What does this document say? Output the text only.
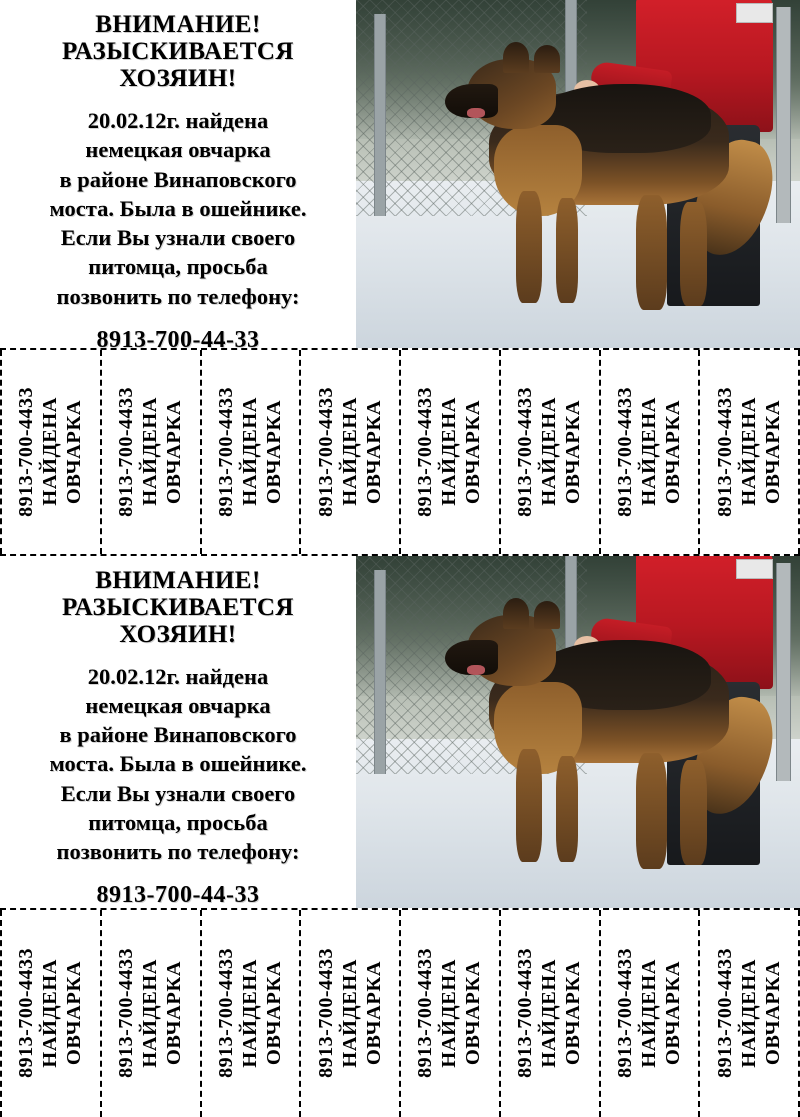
ВНИМАНИЕ!
РАЗЫСКИВАЕТСЯ
ХОЗЯИН!
20.02.12г. найдена
немецкая овчарка
в районе Винаповского
моста. Была в ошейнике.
Если Вы узнали своего
питомца, просьба
позвонить по телефону:
8913-700-44-33
8913-700-4433 НАЙДЕНА ОВЧАРКА 8913-700-4433 НАЙДЕНА ОВЧАРКА 8913-700-4433 НАЙДЕНА ОВЧАРКА 8913-700-4433 НАЙДЕНА ОВЧАРКА 8913-700-4433 НАЙДЕНА ОВЧАРКА 8913-700-4433 НАЙДЕНА ОВЧАРКА 8913-700-4433 НАЙДЕНА ОВЧАРКА 8913-700-4433 НАЙДЕНА ОВЧАРКА
ВНИМАНИЕ!
РАЗЫСКИВАЕТСЯ
ХОЗЯИН!
20.02.12г. найдена
немецкая овчарка
в районе Винаповского
моста. Была в ошейнике.
Если Вы узнали своего
питомца, просьба
позвонить по телефону:
8913-700-44-33
8913-700-4433 НАЙДЕНА ОВЧАРКА 8913-700-4433 НАЙДЕНА ОВЧАРКА 8913-700-4433 НАЙДЕНА ОВЧАРКА 8913-700-4433 НАЙДЕНА ОВЧАРКА 8913-700-4433 НАЙДЕНА ОВЧАРКА 8913-700-4433 НАЙДЕНА ОВЧАРКА 8913-700-4433 НАЙДЕНА ОВЧАРКА 8913-700-4433 НАЙДЕНА ОВЧАРКА
